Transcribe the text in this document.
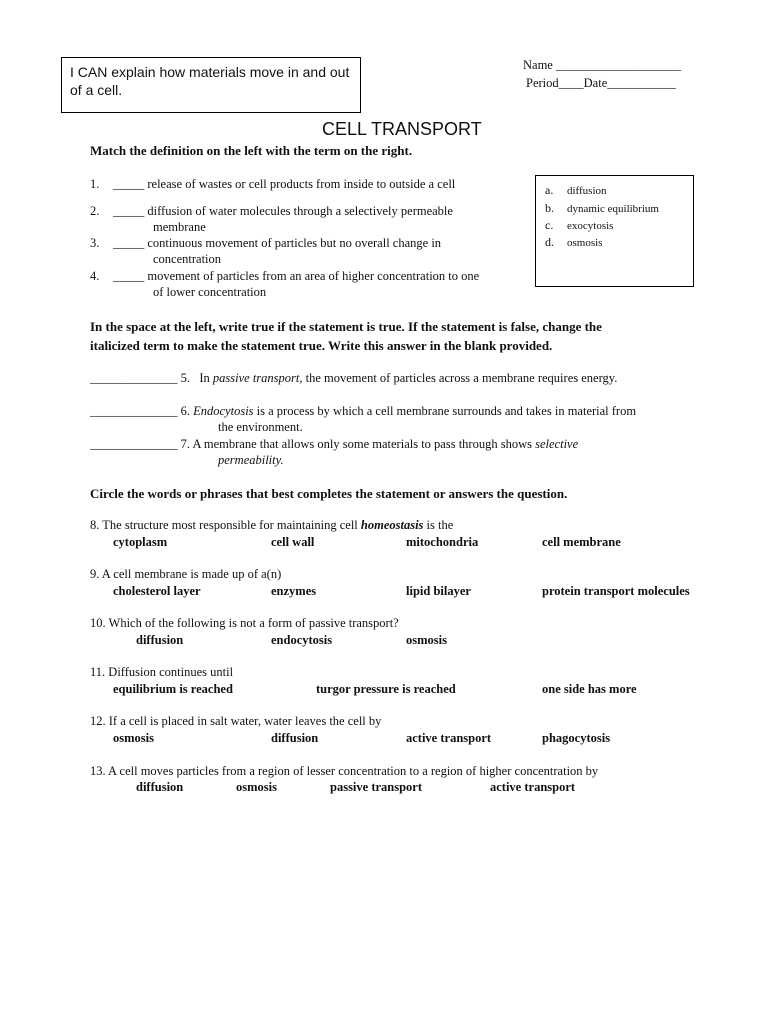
Name ____________________
Period____Date___________
I CAN explain how materials move in and out of a cell.
CELL TRANSPORT
Match the definition on the left with the term on the right.
1. _____ release of wastes or cell products from inside to outside a cell
2. _____ diffusion of water molecules through a selectively permeable
membrane
3. _____ continuous movement of particles but no overall change in
concentration
4. _____ movement of particles from an area of higher concentration to one
of lower concentration
a. diffusion
b. dynamic equilibrium
c. exocytosis
d. osmosis
In the space at the left, write true if the statement is true. If the statement is false, change the
italicized term to make the statement true. Write this answer in the blank provided.
______________ 5. In passive transport, the movement of particles across a membrane requires energy.
______________ 6. Endocytosis is a process by which a cell membrane surrounds and takes in material from
the environment.
______________ 7. A membrane that allows only some materials to pass through shows selective
permeability.
Circle the words or phrases that best completes the statement or answers the question.
8. The structure most responsible for maintaining cell homeostasis is the
cytoplasm	cell wall	mitochondria	cell membrane
9. A cell membrane is made up of a(n)
cholesterol layer	enzymes	lipid bilayer	protein transport molecules
10. Which of the following is not a form of passive transport?
diffusion	endocytosis	osmosis
11. Diffusion continues until
equilibrium is reached	turgor pressure is reached	one side has more
12. If a cell is placed in salt water, water leaves the cell by
osmosis	diffusion	active transport	phagocytosis
13. A cell moves particles from a region of lesser concentration to a region of higher concentration by
diffusion	osmosis	passive transport	active transport
